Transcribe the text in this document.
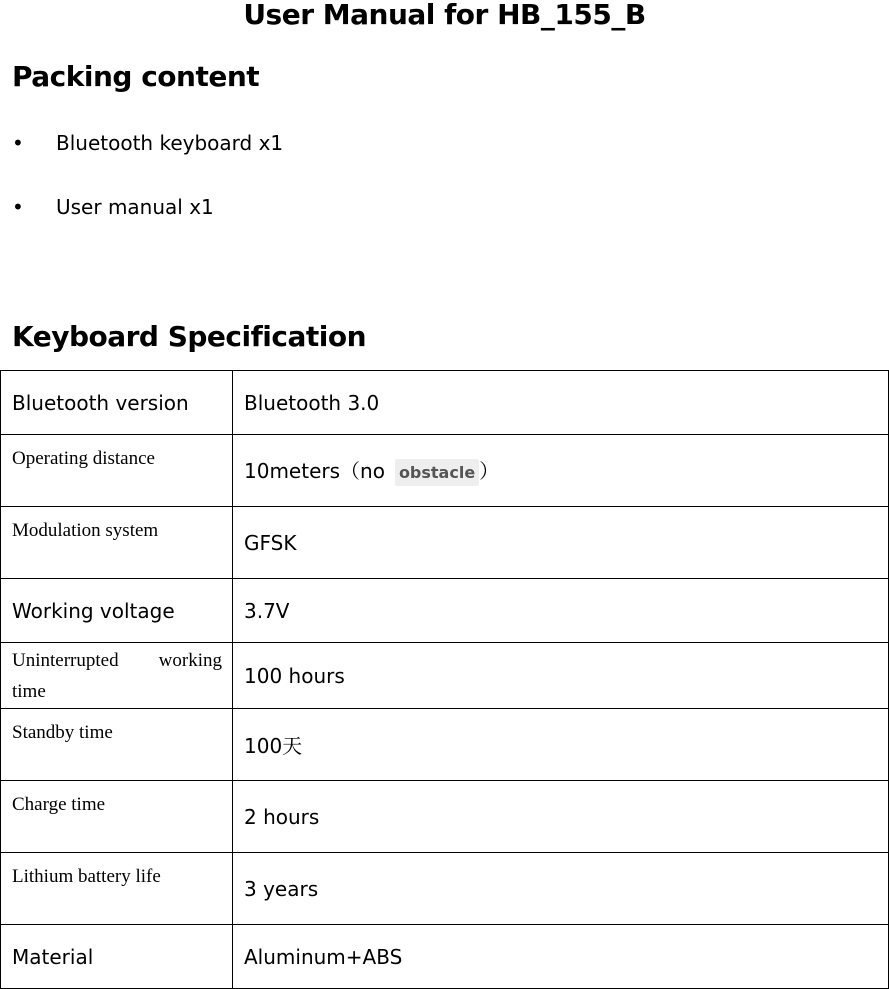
User Manual for HB_155_B
Packing content
• Bluetooth keyboard x1
• User manual x1
Keyboard Specification
Bluetooth version	Bluetooth 3.0
Operating distance	10meters（no obstacle ）
Modulation system	GFSK
Working voltage	3.7V
Uninterrupted working time	100 hours
Standby time	100天
Charge time	2 hours
Lithium battery life	3 years
Material	Aluminum+ABS
